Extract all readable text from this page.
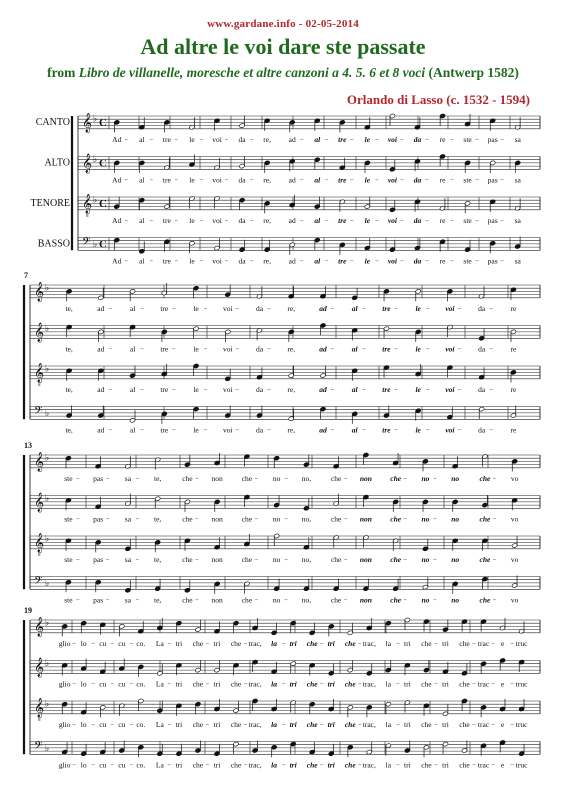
www.gardane.info - 02-05-2014
Ad altre le voi dare ste passate
from Libro de villanelle, moresche et altre canzoni a 4. 5. 6 et 8 voci (Antwerp 1582)
Orlando di Lasso (c. 1532 - 1594)
CANTO 𝄞 ♭ C
Ad al tre le voi da re, ad al tre le voi da re ste pas sa
ALTO 𝄞 ♭ C
Ad al tre le voi da re, ad al tre le voi da re ste pas sa
TENORE 𝄞
8
♭ C
Ad al tre le voi da re, ad al tre le voi da re ste pas sa
BASSO 𝄢 ♭ C
Ad al tre le voi da re, ad al tre le voi da re ste pas sa
7
𝄞 ♭
te,	ad	al	tre	le	voi	da	re,	ad	al	tre	le	voi	da	re
𝄞 ♭
te,	ad	al	tre	le	voi	da	re,	ad	al	tre	le	voi	da	re
𝄞
8
♭
te,	ad	al	tre	le	voi	da	re,	ad	al	tre	le	voi	da	re
𝄢 ♭
te,	ad	al	tre	le	voi	da	re,	ad	al	tre	le	voi	da	re
13
𝄞 ♭
ste	pas	sa	te,	che	non	che	no	no,	che non che	no	no	che	vo
𝄞 ♭
ste	pas	sa	te,	che	non	che	no	no,	che non che	no	no	che	vo
𝄞
8
♭
ste	pas	sa	te,	che	non	che	no	no,	che non che	no	no	che	vo
𝄢 ♭
ste	pas	sa	te,	che	non	che	no	no,	che non che	no	no	che	vo
19
𝄞 ♭
glio lo cu cu co. La tri che tri che trac, la tri che tri che trac, la tri che tri che trac e truc
𝄞 ♭
glio lo cu cu co. La tri che tri che trac, la tri che tri che trac, la tri che tri che trac e truc
𝄞
8
♭
glio lo cu cu co. La tri che tri che trac, la tri che tri che trac, la tri che tri che trac e truc
𝄢 ♭
glio lo cu cu co. La tri che tri che trac, la tri che tri che trac, la tri che tri che trac e truc
